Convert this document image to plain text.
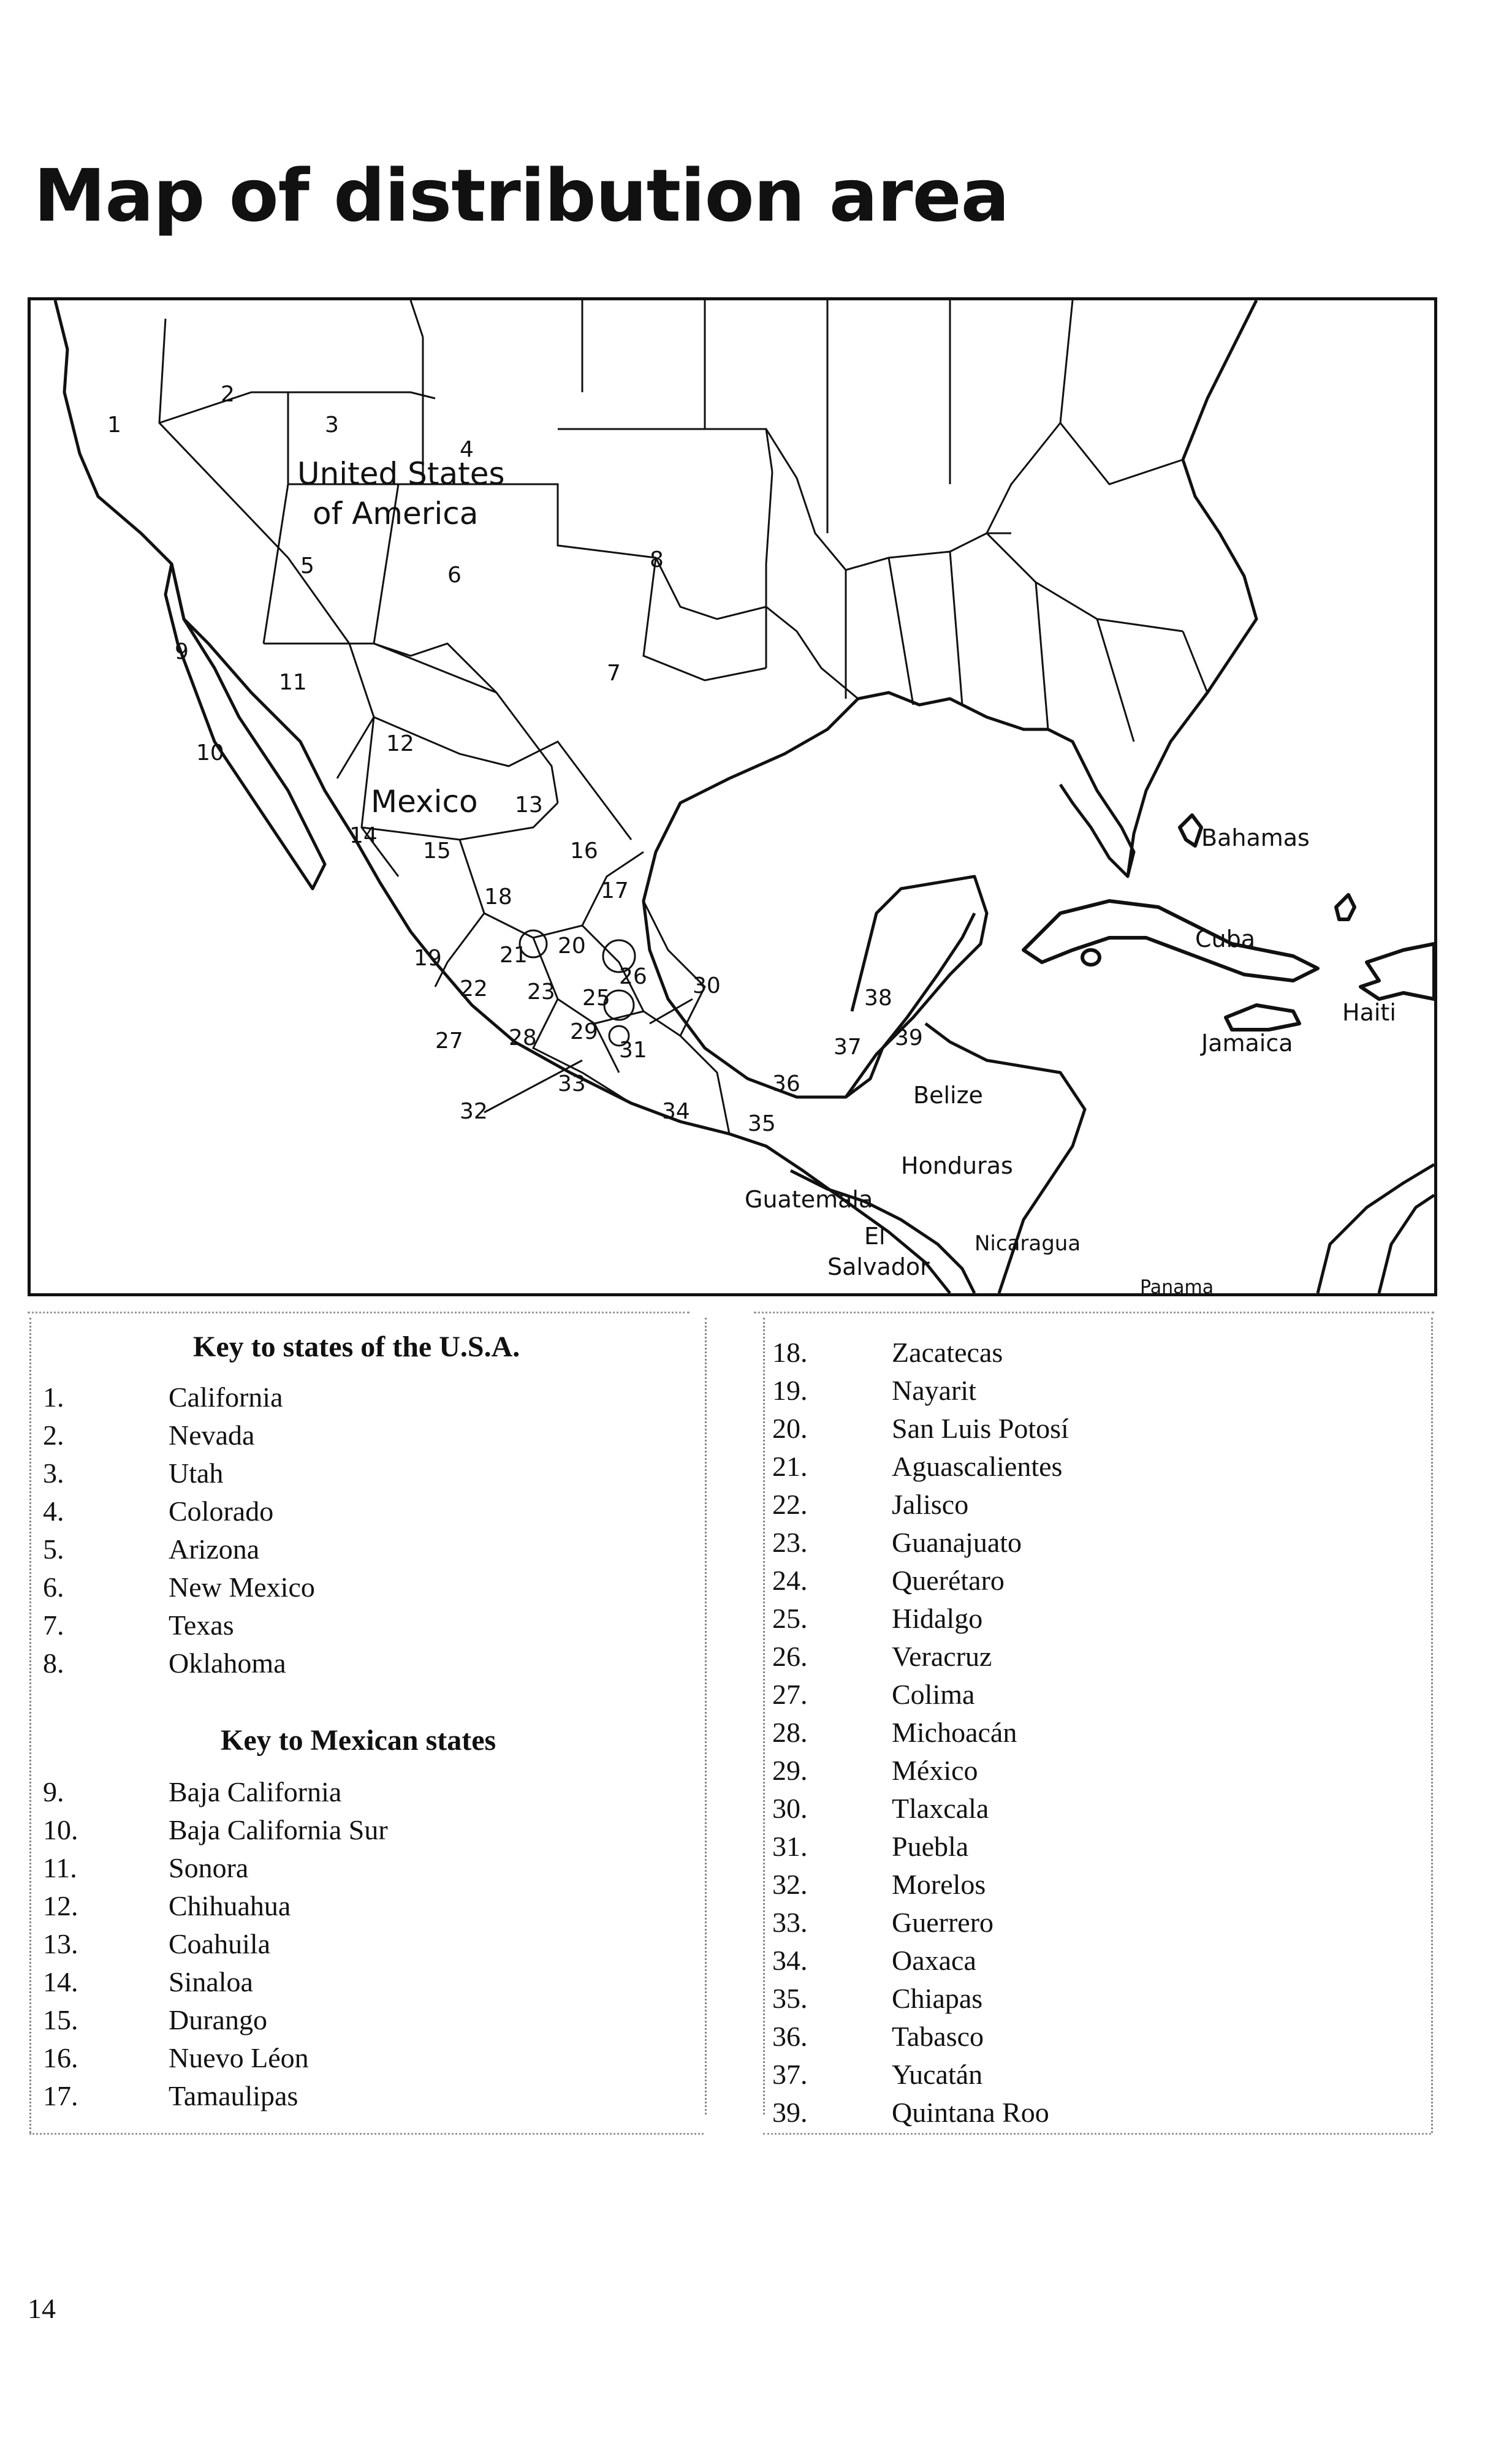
Map of distribution area
United States
of America
Mexico
Bahamas
Cuba
Haiti
Jamaica
Belize
Guatemala
Honduras
El
Salvador
Nicaragua
Panama
1
2
3
4
5	6
7
8
9
10
11
12
13
14
15	16
17
18
19	20
21
22 23 25
26
27 28 29
30
31
32
33
34	35
36
37
38
39
Key to states of the U.S.A.
1.	California
2.	Nevada
3.	Utah
4.	Colorado
5.	Arizona
6.	New Mexico
7.	Texas
8.	Oklahoma
Key to Mexican states
9.	Baja California
10.	Baja California Sur
11.	Sonora
12.	Chihuahua
13.	Coahuila
14.	Sinaloa
15.	Durango
16.	Nuevo Léon
17.	Tamaulipas
18.	Zacatecas
19.	Nayarit
20.	San Luis Potosí
21.	Aguascalientes
22.	Jalisco
23.	Guanajuato
24.	Querétaro
25.	Hidalgo
26.	Veracruz
27.	Colima
28.	Michoacán
29.	México
30.	Tlaxcala
31.	Puebla
32.	Morelos
33.	Guerrero
34.	Oaxaca
35.	Chiapas
36.	Tabasco
37.	Yucatán
39.	Quintana Roo
14
